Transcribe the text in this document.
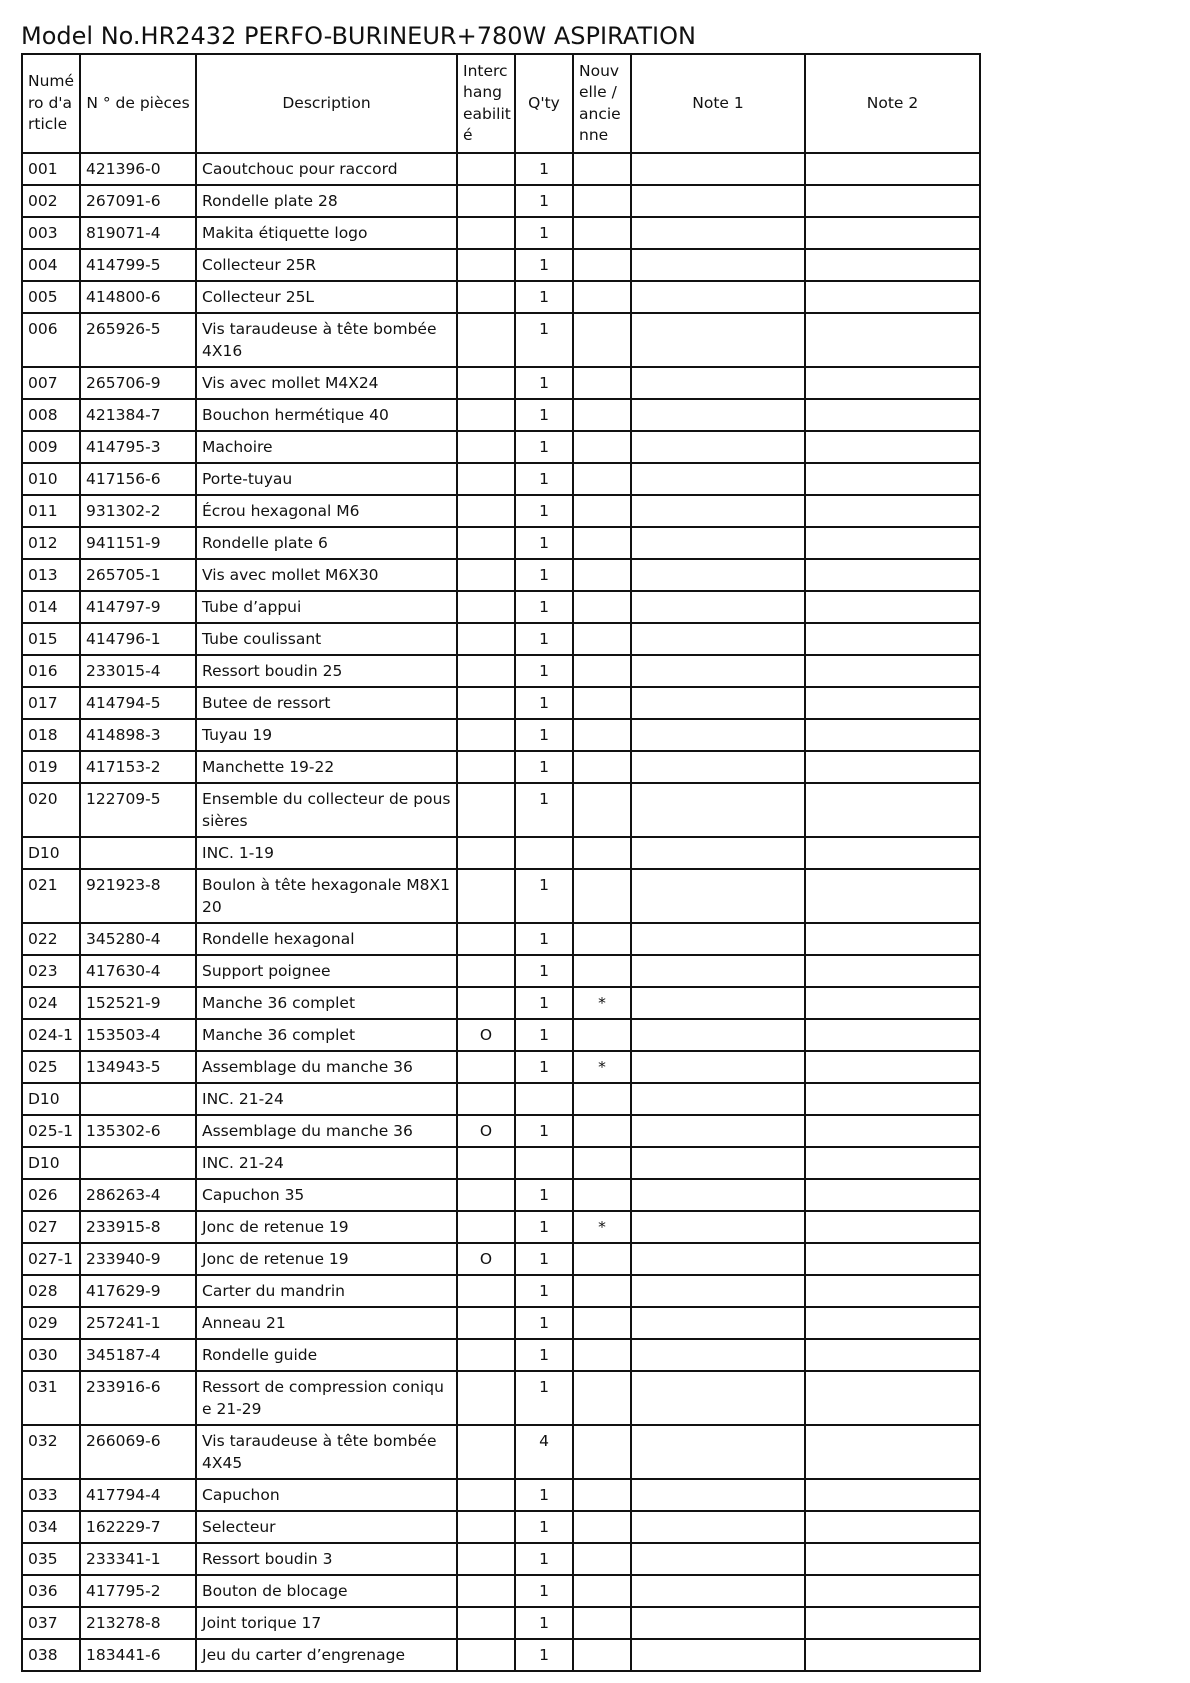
Model No.HR2432 PERFO-BURINEUR+780W ASPIRATION
Numé ro d'a rticle	N ° de pièces	Description	Interc hang eabilit é	Q'ty	Nouv elle / ancie nne	Note 1	Note 2
001	421396-0	Caoutchouc pour raccord		1			
002	267091-6	Rondelle plate 28		1			
003	819071-4	Makita étiquette logo		1			
004	414799-5	Collecteur 25R		1			
005	414800-6	Collecteur 25L		1			
006	265926-5	Vis taraudeuse à tête bombée 4X16		1			
007	265706-9	Vis avec mollet M4X24		1			
008	421384-7	Bouchon hermétique 40		1			
009	414795-3	Machoire		1			
010	417156-6	Porte-tuyau		1			
011	931302-2	Écrou hexagonal M6		1			
012	941151-9	Rondelle plate 6		1			
013	265705-1	Vis avec mollet M6X30		1			
014	414797-9	Tube d’appui		1			
015	414796-1	Tube coulissant		1			
016	233015-4	Ressort boudin 25		1			
017	414794-5	Butee de ressort		1			
018	414898-3	Tuyau 19		1			
019	417153-2	Manchette 19-22		1			
020	122709-5	Ensemble du collecteur de poussières		1			
D10		INC. 1-19					
021	921923-8	Boulon à tête hexagonale M8X120		1			
022	345280-4	Rondelle hexagonal		1			
023	417630-4	Support poignee		1			
024	152521-9	Manche 36 complet		1	*		
024-1	153503-4	Manche 36 complet	O	1			
025	134943-5	Assemblage du manche 36		1	*		
D10		INC. 21-24					
025-1	135302-6	Assemblage du manche 36	O	1			
D10		INC. 21-24					
026	286263-4	Capuchon 35		1			
027	233915-8	Jonc de retenue 19		1	*		
027-1	233940-9	Jonc de retenue 19	O	1			
028	417629-9	Carter du mandrin		1			
029	257241-1	Anneau 21		1			
030	345187-4	Rondelle guide		1			
031	233916-6	Ressort de compression conique 21-29		1			
032	266069-6	Vis taraudeuse à tête bombée 4X45		4			
033	417794-4	Capuchon		1			
034	162229-7	Selecteur		1			
035	233341-1	Ressort boudin 3		1			
036	417795-2	Bouton de blocage		1			
037	213278-8	Joint torique 17		1			
038	183441-6	Jeu du carter d’engrenage		1			
